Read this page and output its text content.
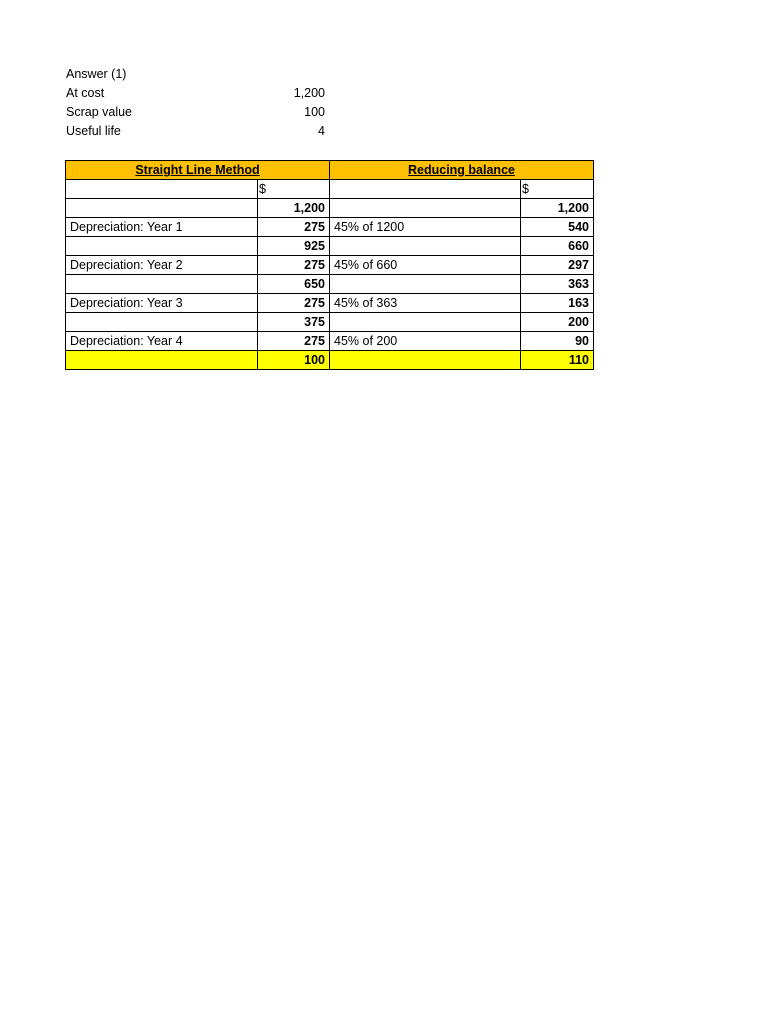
Answer (1)
At cost	1,200
Scrap value	100
Useful life	4
Straight Line Method		Reducing balance	
	$		$
	1,200		1,200
Depreciation: Year 1	275	45% of 1200	540
	925		660
Depreciation: Year 2	275	45% of 660	297
	650		363
Depreciation: Year 3	275	45% of 363	163
	375		200
Depreciation: Year 4	275	45% of 200	90
	100		110
